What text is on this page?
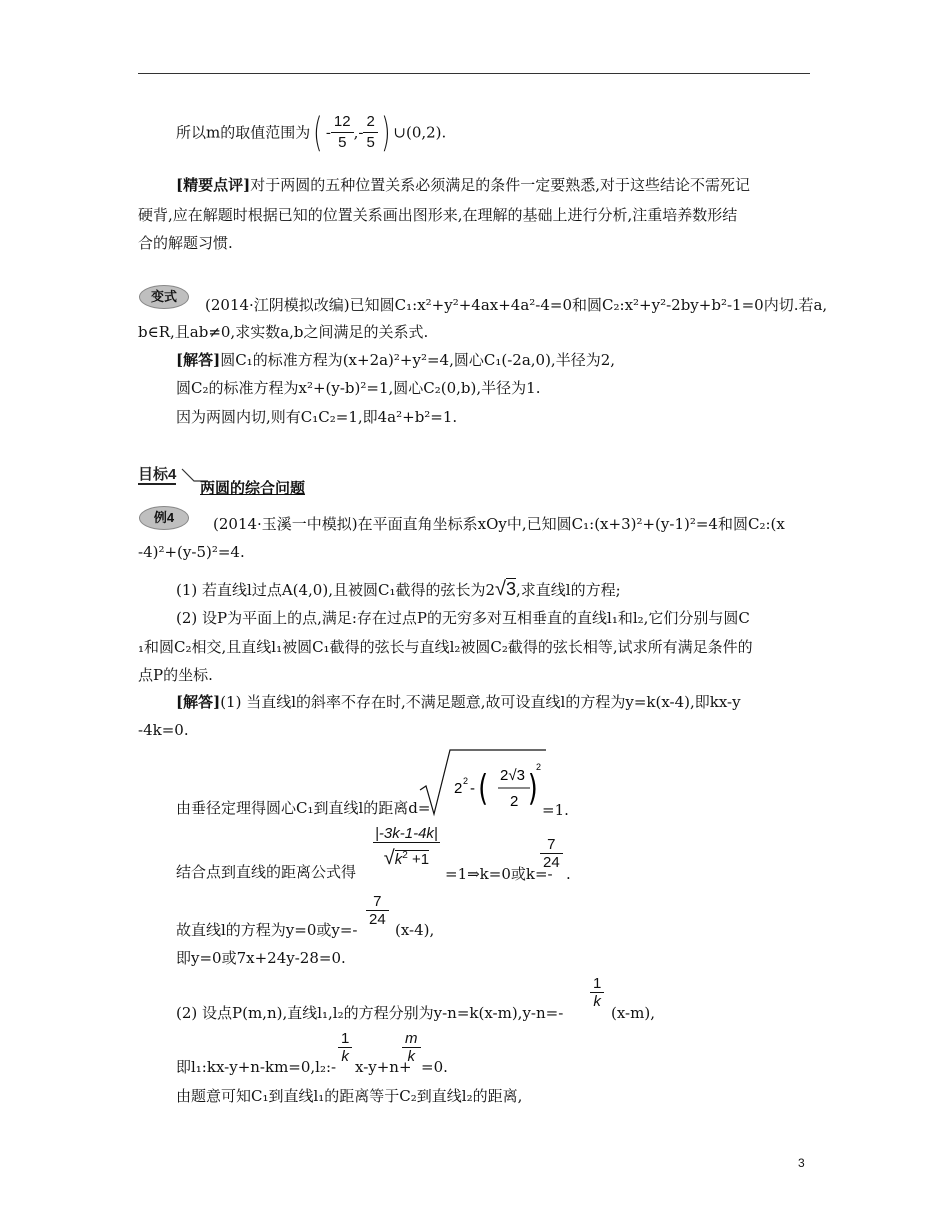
所以m的取值范围为( - $\frac{12}{5}$ ,- $\frac{2}{5}$ ) ∪(0,2).
[精要点评]对于两圆的五种位置关系必须满足的条件一定要熟悉,对于这些结论不需死记
硬背,应在解题时根据已知的位置关系画出图形来,在理解的基础上进行分析,注重培养数形结
合的解题习惯.
变式	(2014·江阴模拟改编)已知圆C₁:x²+y²+4ax+4a²-4=0和圆C₂:x²+y²-2by+b²-1=0内切.若a,
b∈R,且ab≠0,求实数a,b之间满足的关系式.
[解答]圆C₁的标准方程为(x+2a)²+y²=4,圆心C₁(-2a,0),半径为2,
圆C₂的标准方程为x²+(y-b)²=1,圆心C₂(0,b),半径为1.
因为两圆内切,则有C₁C₂=1,即4a²+b²=1.
目标4
两圆的综合问题
例4	(2014·玉溪一中模拟)在平面直角坐标系xOy中,已知圆C₁:(x+3)²+(y-1)²=4和圆C₂:(x
-4)²+(y-5)²=4.
(1) 若直线l过点A(4,0),且被圆C₁截得的弦长为2√3,求直线l的方程;
(2) 设P为平面上的点,满足:存在过点P的无穷多对互相垂直的直线l₁和l₂,它们分别与圆C
₁和圆C₂相交,且直线l₁被圆C₁截得的弦长与直线l₂被圆C₂截得的弦长相等,试求所有满足条件的
点P的坐标.
[解答](1) 当直线l的斜率不存在时,不满足题意,故可设直线l的方程为y=k(x-4),即kx-y
-4k=0.
由垂径定理得圆心C₁到直线l的距离d=
2 2 - ( 2√3
2 )
2
=1.
结合点到直线的距离公式得
|-3k-1-4k|
$√k^2 +1$
=1⇒k=0或k=-
$\frac{7}{24}$
.
故直线l的方程为y=0或y=-
$\frac{7}{24}$
(x-4),
即y=0或7x+24y-28=0.
(2) 设点P(m,n),直线l₁,l₂的方程分别为y-n=k(x-m),y-n=-
$\frac{1}{k}$
(x-m),
即l₁:kx-y+n-km=0,l₂:-
$\frac{1}{k}$
x-y+n+
$\frac{m}{k}$
=0.
由题意可知C₁到直线l₁的距离等于C₂到直线l₂的距离,
3
